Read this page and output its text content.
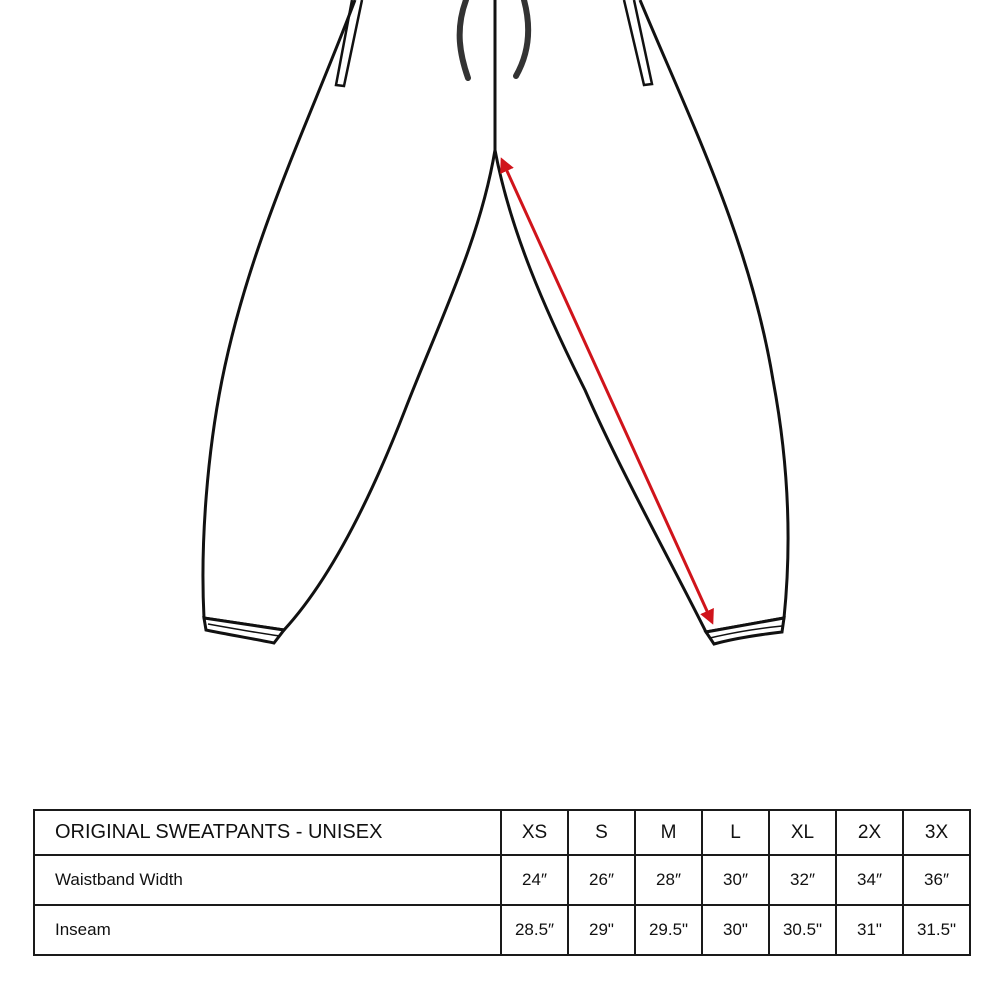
ORIGINAL SWEATPANTS - UNISEX	XS	S	M	L	XL	2X	3X
Waistband Width	24″	26″	28″	30″	32″	34″	36″
Inseam	28.5″	29"	29.5"	30"	30.5"	31"	31.5"
